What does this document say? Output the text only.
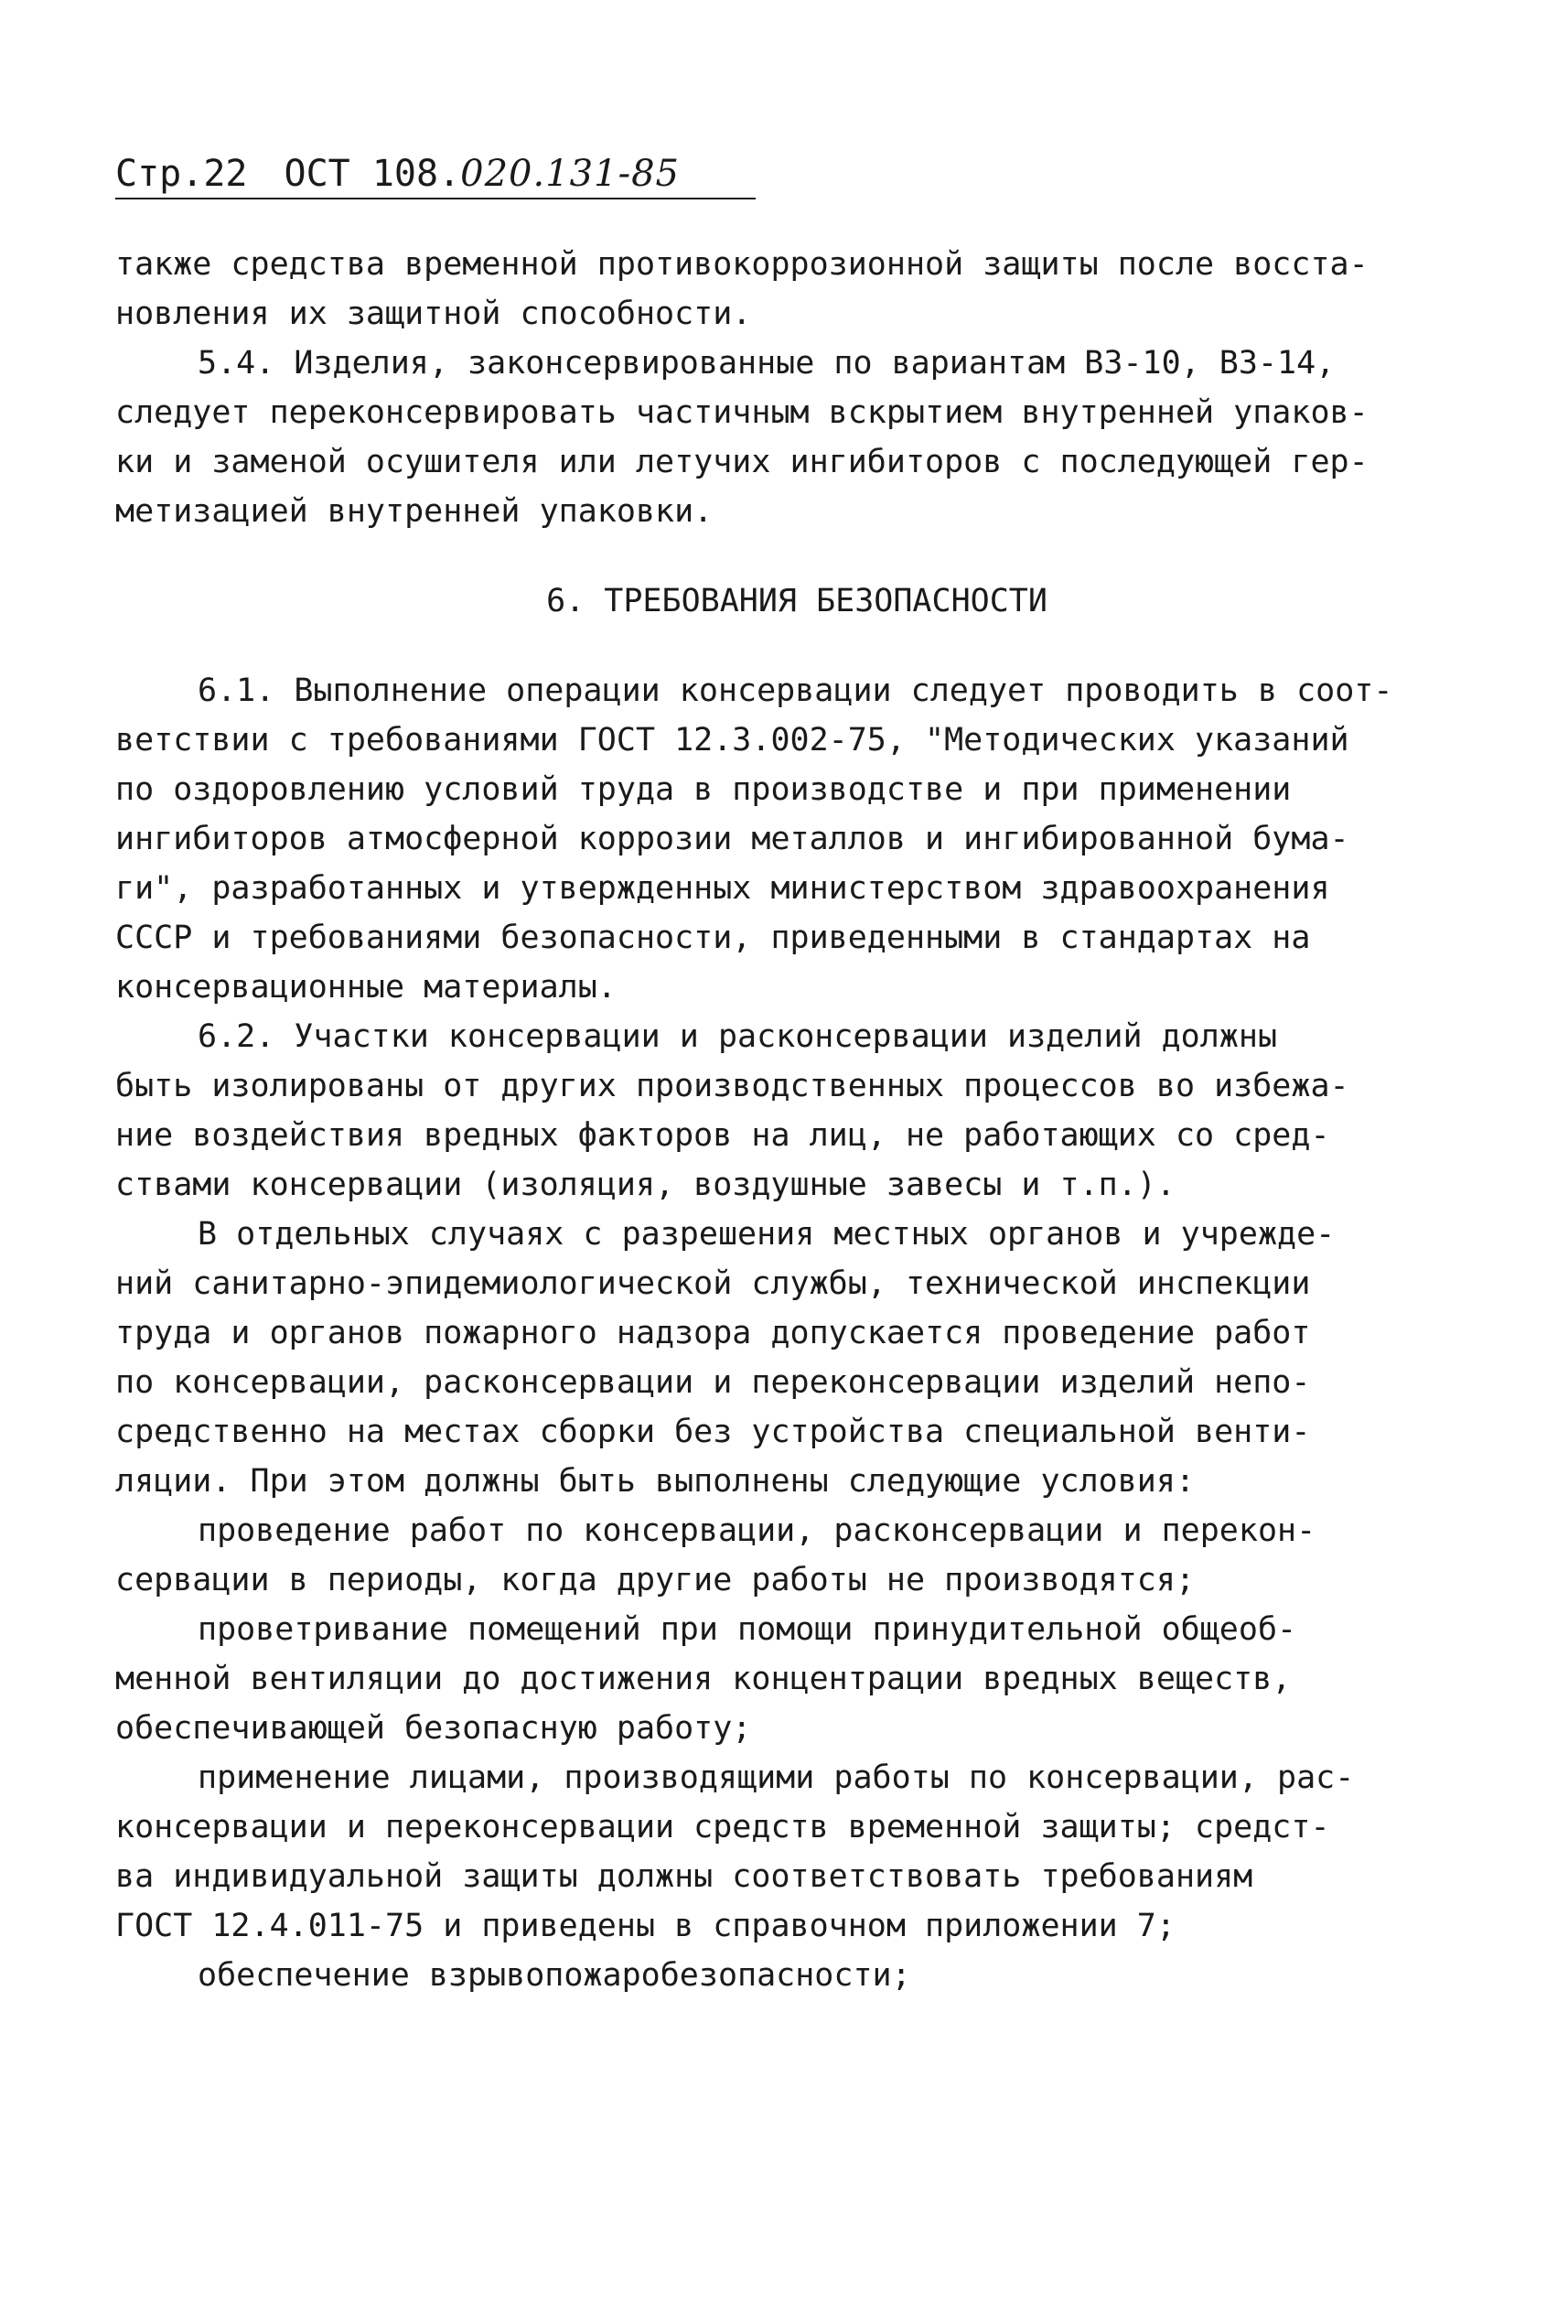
Стр.22 ОСТ 108.020.131-85
также средства временной противокоррозионной защиты после восста-
новления их защитной способности.
5.4. Изделия, законсервированные по вариантам ВЗ-10, ВЗ-14,
следует переконсервировать частичным вскрытием внутренней упаков-
ки и заменой осушителя или летучих ингибиторов с последующей гер-
метизацией внутренней упаковки.
6. ТРЕБОВАНИЯ БЕЗОПАСНОСТИ
6.1. Выполнение операции консервации следует проводить в соот-
ветствии с требованиями ГОСТ 12.3.002-75, "Методических указаний
по оздоровлению условий труда в производстве и при применении
ингибиторов атмосферной коррозии металлов и ингибированной бума-
ги", разработанных и утвержденных министерством здравоохранения
СССР и требованиями безопасности, приведенными в стандартах на
консервационные материалы.
6.2. Участки консервации и расконсервации изделий должны
быть изолированы от других производственных процессов во избежа-
ние воздействия вредных факторов на лиц, не работающих со сред-
ствами консервации (изоляция, воздушные завесы и т.п.).
В отдельных случаях с разрешения местных органов и учрежде-
ний санитарно-эпидемиологической службы, технической инспекции
труда и органов пожарного надзора допускается проведение работ
по консервации, расконсервации и переконсервации изделий непо-
средственно на местах сборки без устройства специальной венти-
ляции. При этом должны быть выполнены следующие условия:
проведение работ по консервации, расконсервации и перекон-
сервации в периоды, когда другие работы не производятся;
проветривание помещений при помощи принудительной общеоб-
менной вентиляции до достижения концентрации вредных веществ,
обеспечивающей безопасную работу;
применение лицами, производящими работы по консервации, рас-
консервации и переконсервации средств временной защиты; средст-
ва индивидуальной защиты должны соответствовать требованиям
ГОСТ 12.4.011-75 и приведены в справочном приложении 7;
обеспечение взрывопожаробезопасности;
